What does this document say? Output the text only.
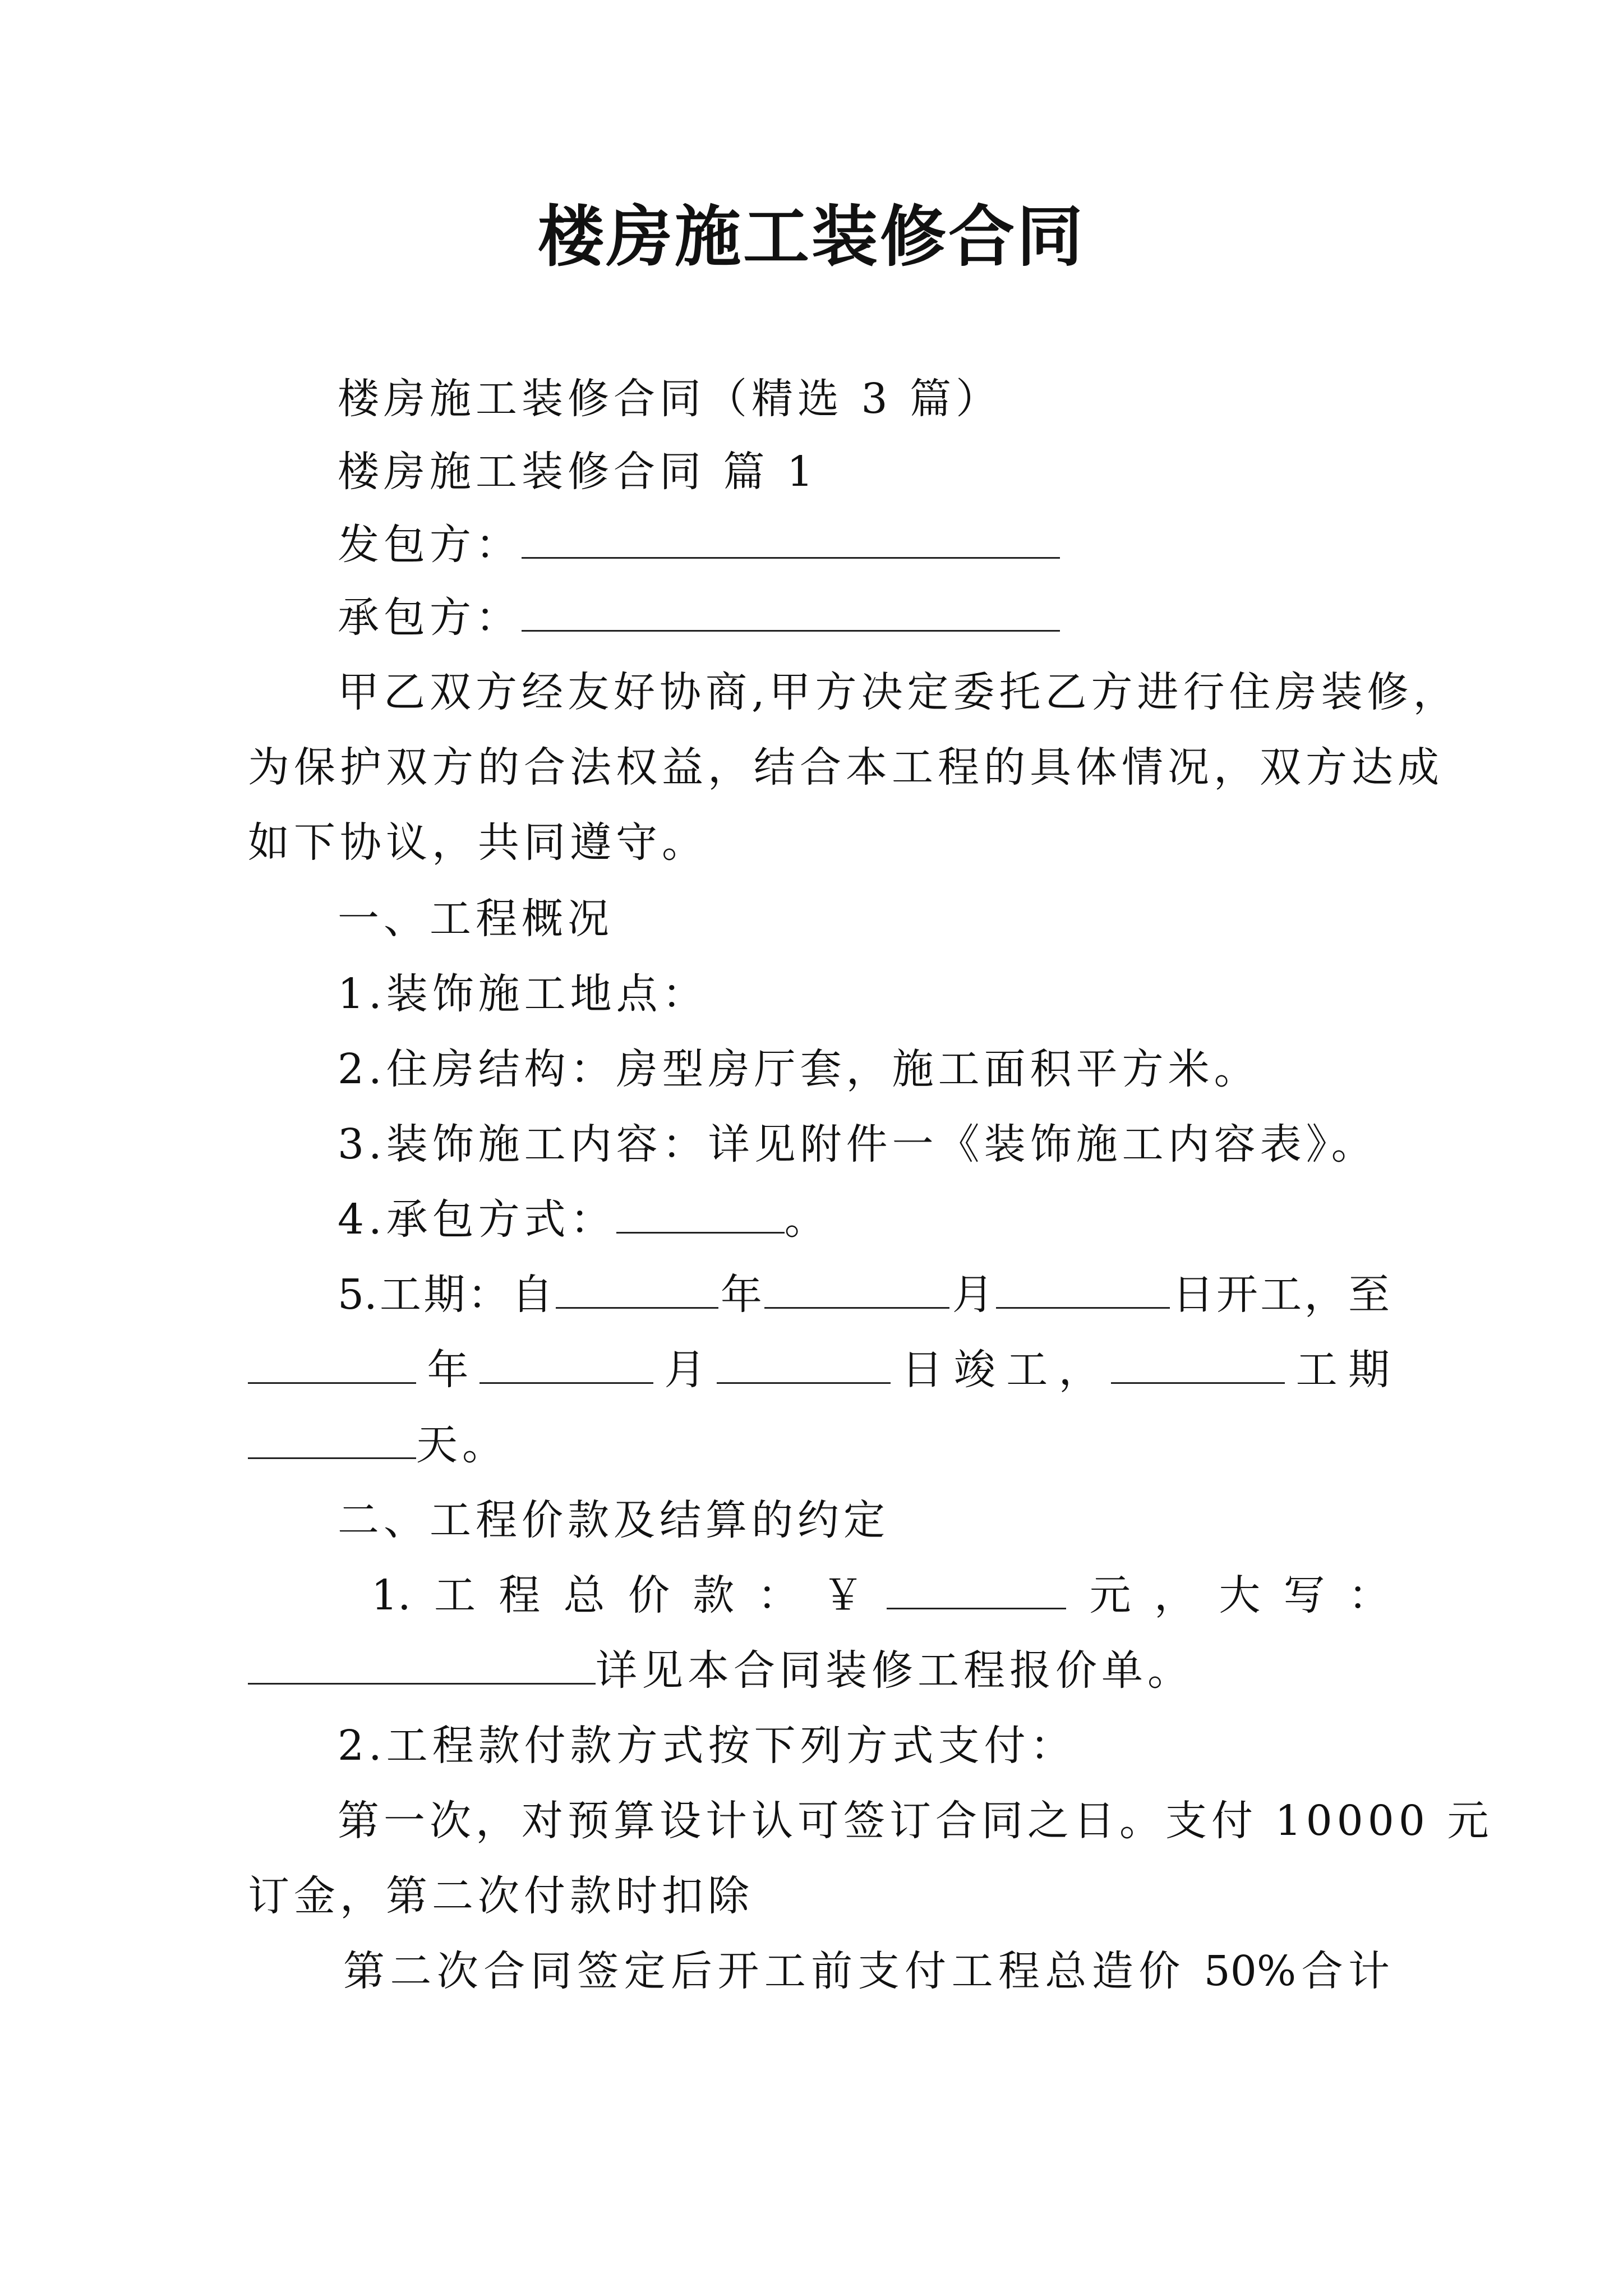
楼房施工装修合同
楼房施工装修合同（精选 3 篇）
楼房施工装修合同 篇 1
发包方：
承包方：
甲乙双方经友好协商,甲方决定委托乙方进行住房装修，
为保护双方的合法权益，结合本工程的具体情况，双方达成
如下协议，共同遵守。
一、工程概况
1.装饰施工地点：
2.住房结构：房型房厅套，施工面积平方米。
3.装饰施工内容：详见附件一《装饰施工内容表》。
4.承包方式：	。
5.工期：自	年	月	日开工，至
年	月	日竣工，	工期
天。
二、工程价款及结算的约定
1.工程总价款：￥	元，大写：
详见本合同装修工程报价单。
2.工程款付款方式按下列方式支付：
第一次，对预算设计认可签订合同之日。支付 10000 元
订金，第二次付款时扣除
第二次合同签定后开工前支付工程总造价 50%合计
